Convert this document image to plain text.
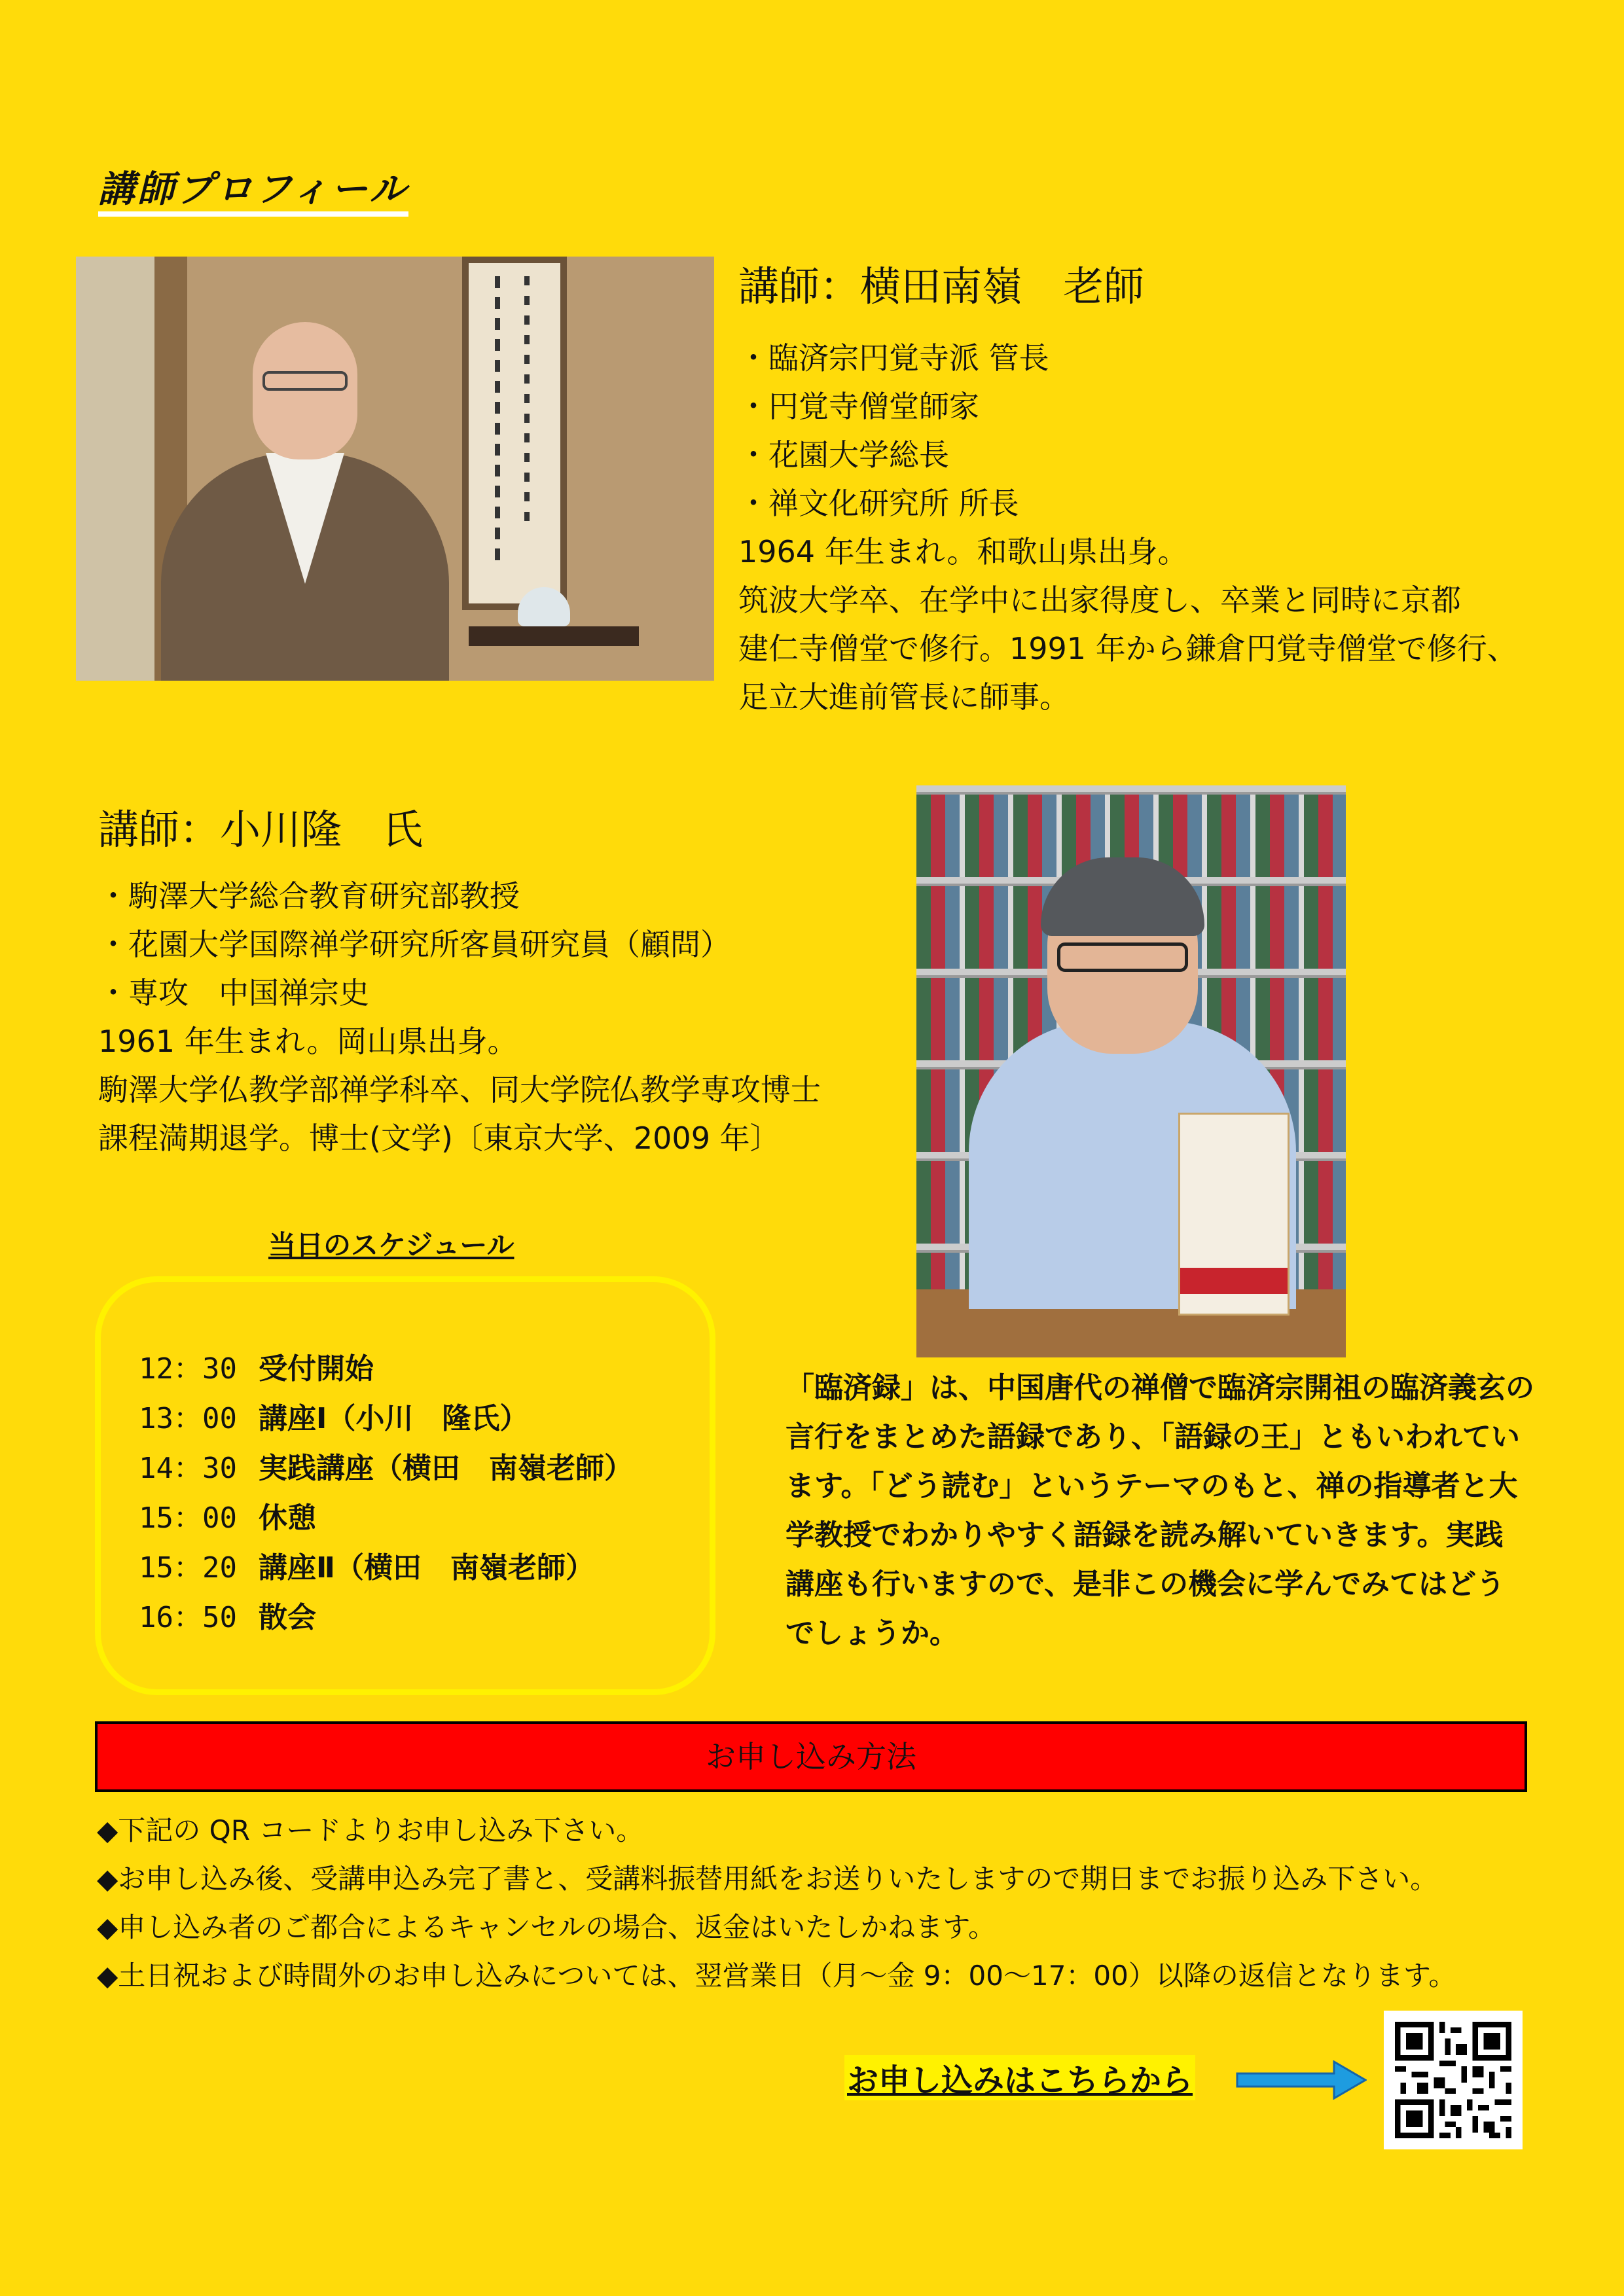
講師プロフィール
講師：横田南嶺　老師
・臨済宗円覚寺派 管長
・円覚寺僧堂師家
・花園大学総長
・禅文化研究所 所長
1964 年生まれ。和歌山県出身。
筑波大学卒、在学中に出家得度し、卒業と同時に京都
建仁寺僧堂で修行。1991 年から鎌倉円覚寺僧堂で修行、
足立大進前管長に師事。
講師：小川隆　氏
・駒澤大学総合教育研究部教授
・花園大学国際禅学研究所客員研究員（顧問）
・専攻　中国禅宗史
1961 年生まれ。岡山県出身。
駒澤大学仏教学部禅学科卒、同大学院仏教学専攻博士
課程満期退学。博士(文学)〔東京大学、2009 年〕
当日のスケジュール
12：30 受付開始
13：00 講座Ⅰ（小川　隆氏）
14：30 実践講座（横田　南嶺老師）
15：00 休憩
15：20 講座Ⅱ（横田　南嶺老師）
16：50 散会
「臨済録」は、中国唐代の禅僧で臨済宗開祖の臨済義玄の
言行をまとめた語録であり、「語録の王」ともいわれてい
ます。「どう読む」というテーマのもと、禅の指導者と大
学教授でわかりやすく語録を読み解いていきます。実践
講座も行いますので、是非この機会に学んでみてはどう
でしょうか。
お申し込み方法
◆下記の QR コードよりお申し込み下さい。
◆お申し込み後、受講申込み完了書と、受講料振替用紙をお送りいたしますので期日までお振り込み下さい。
◆申し込み者のご都合によるキャンセルの場合、返金はいたしかねます。
◆土日祝および時間外のお申し込みについては、翌営業日（月～金 9：00～17：00）以降の返信となります。
お申し込みはこちらから
